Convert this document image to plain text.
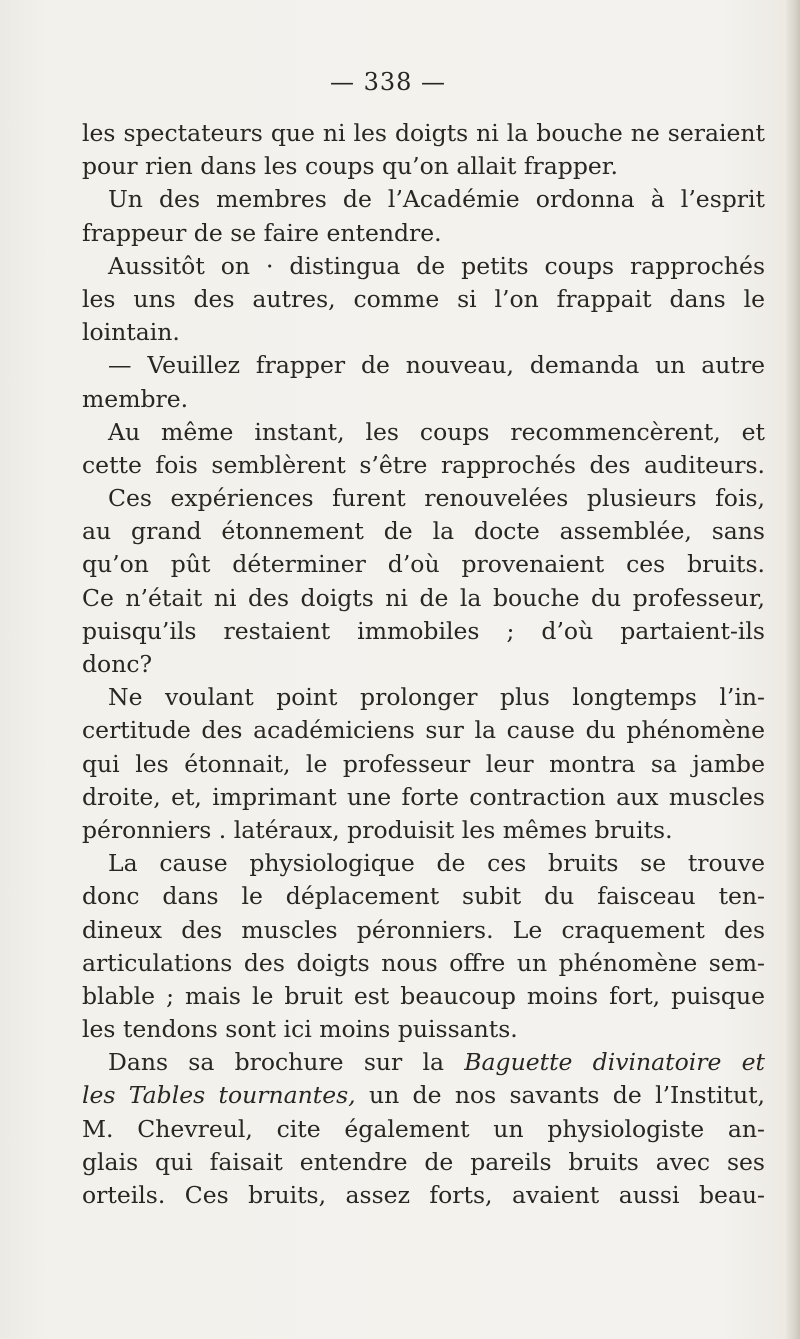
— 338 —
les spectateurs que ni les doigts ni la bouche ne seraient
pour rien dans les coups qu’on allait frapper.
Un des membres de l’Académie ordonna à l’esprit
frappeur de se faire entendre.
Aussitôt on · distingua de petits coups rapprochés
les uns des autres, comme si l’on frappait dans le
lointain.
— Veuillez frapper de nouveau, demanda un autre
membre.
Au même instant, les coups recommencèrent, et
cette fois semblèrent s’être rapprochés des auditeurs.
Ces expériences furent renouvelées plusieurs fois,
au grand étonnement de la docte assemblée, sans
qu’on pût déterminer d’où provenaient ces bruits.
Ce n’était ni des doigts ni de la bouche du professeur,
puisqu’ils restaient immobiles ; d’où partaient-ils
donc?
Ne voulant point prolonger plus longtemps l’in-
certitude des académiciens sur la cause du phénomène
qui les étonnait, le professeur leur montra sa jambe
droite, et, imprimant une forte contraction aux muscles
péronniers . latéraux, produisit les mêmes bruits.
La cause physiologique de ces bruits se trouve
donc dans le déplacement subit du faisceau ten-
dineux des muscles péronniers. Le craquement des
articulations des doigts nous offre un phénomène sem-
blable ; mais le bruit est beaucoup moins fort, puisque
les tendons sont ici moins puissants.
Dans sa brochure sur la Baguette divinatoire et
les Tables tournantes, un de nos savants de l’Institut,
M. Chevreul, cite également un physiologiste an-
glais qui faisait entendre de pareils bruits avec ses
orteils. Ces bruits, assez forts, avaient aussi beau-
